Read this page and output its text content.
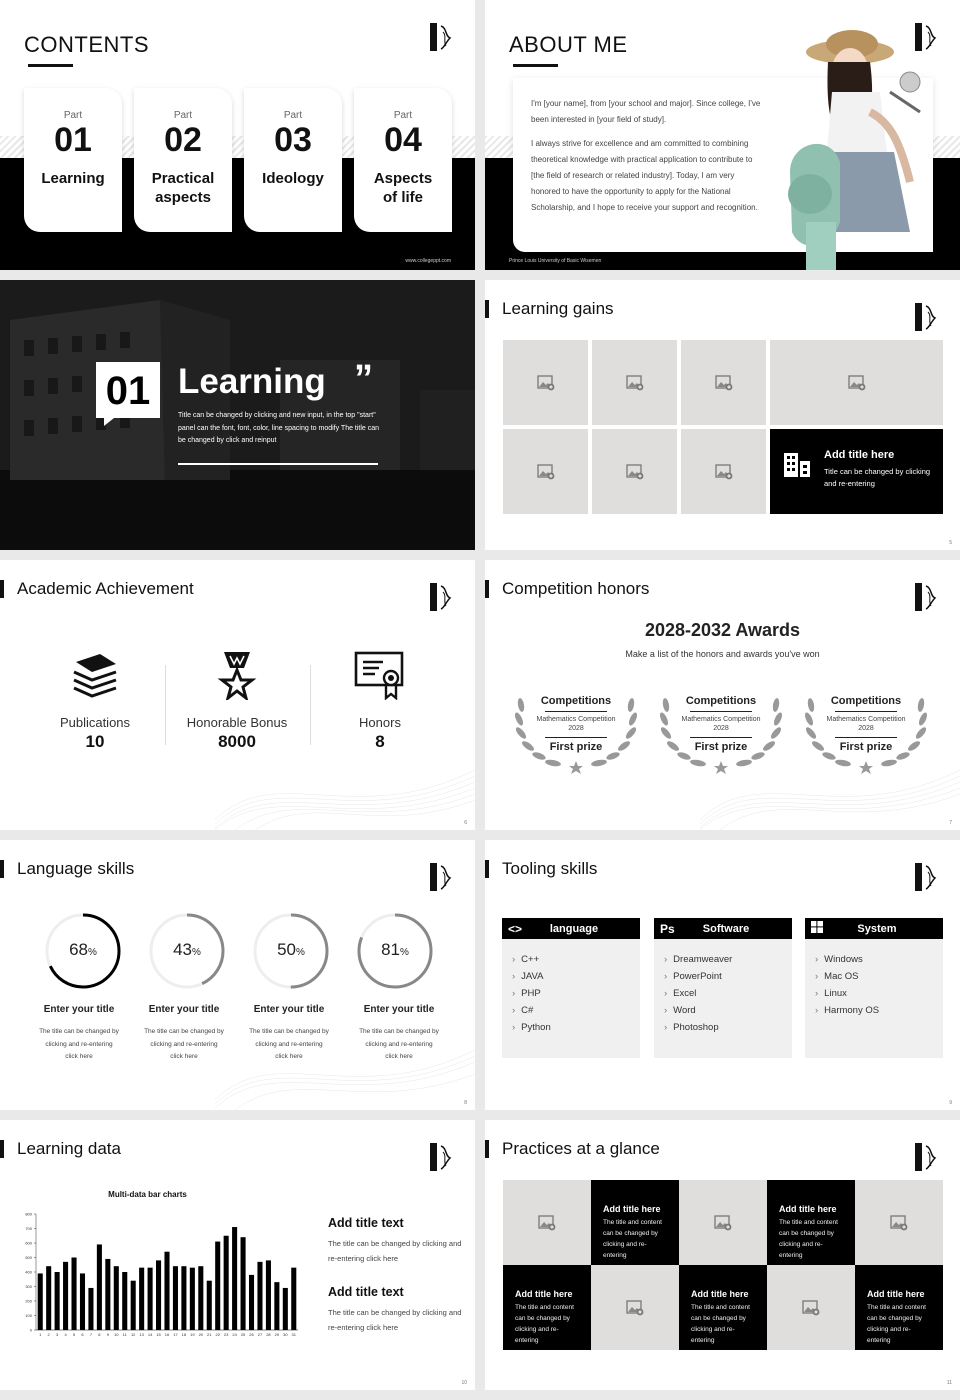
CONTENTS
Part
01
Learning
Part
02
Practical aspects
Part
03
Ideology
Part
04
Aspects of life
www.collegeppt.com
ABOUT ME

I'm [your name], from [your school and major]. Since college, I've been interested in [your field of study].

I always strive for excellence and am committed to combining theoretical knowledge with practical application to contribute to [the field of research or related industry]. Today, I am very honored to have the opportunity to apply for the National Scholarship, and I hope to receive your support and recognition.

Prince Louis University of Basic Wisemen
01 Learning ”
Title can be changed by clicking and new input, in the top "start" panel can the font, font, color, line spacing to modify The title can be changed by click and reinput
Learning gains
Add title here
Title can be changed by clicking and re-entering
5
Academic Achievement
Publications
10
Honorable Bonus
8000
Honors
8
6
Competition honors
2028-2032 Awards
Make a list of the honors and awards you've won
Competitions
Mathematics Competition
2028
First prize
Competitions
Mathematics Competition
2028
First prize
Competitions
Mathematics Competition
2028
First prize
7
Language skills
68%	43%	50%	81%
Enter your title	Enter your title	Enter your title	Enter your title
The title can be changed by clicking and re-entering click here
The title can be changed by clicking and re-entering click here
The title can be changed by clicking and re-entering click here
The title can be changed by clicking and re-entering click here
8
Tooling skills
<>	language
› C++
› JAVA
› PHP
› C#
› Python
Ps	Software
› Dreamweaver
› PowerPoint
› Excel
› Word
› Photoshop
System
› Windows
› Mac OS
› Linux
› Harmony OS
9
Learning data
Multi-data bar charts
0
100
200
300
400
500
600
700
800
1 2 3 4 5 6 7 8 9 10 11 12 13 14 15 16 17 18 19 20 21 22 23 24 25 26 27 28 29 30 31
Add title text
The title can be changed by clicking and re-entering click here
Add title text
The title can be changed by clicking and re-entering click here
10
Practices at a glance
Add title here
The title and content can be changed by clicking and re-entering
Add title here
The title and content can be changed by clicking and re-entering
Add title here
The title and content can be changed by clicking and re-entering
Add title here
The title and content can be changed by clicking and re-entering
Add title here
The title and content can be changed by clicking and re-entering
11
